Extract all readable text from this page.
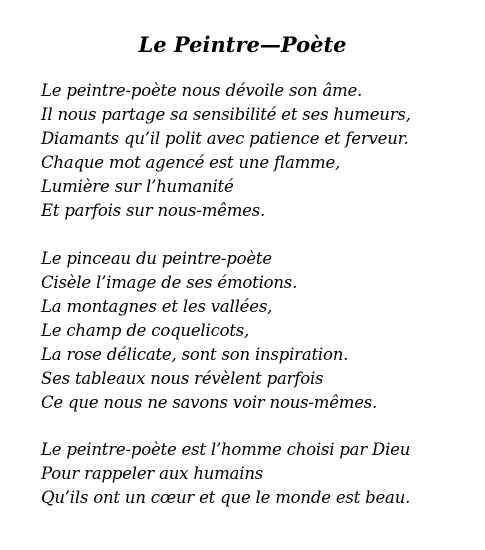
Le Peintre—Poète
Le peintre-poète nous dévoile son âme.
Il nous partage sa sensibilité et ses humeurs,
Diamants qu’il polit avec patience et ferveur.
Chaque mot agencé est une flamme,
Lumière sur l’humanité
Et parfois sur nous-mêmes.
Le pinceau du peintre-poète
Cisèle l’image de ses émotions.
La montagnes et les vallées,
Le champ de coquelicots,
La rose délicate, sont son inspiration.
Ses tableaux nous révèlent parfois
Ce que nous ne savons voir nous-mêmes.
Le peintre-poète est l’homme choisi par Dieu
Pour rappeler aux humains
Qu’ils ont un cœur et que le monde est beau.
